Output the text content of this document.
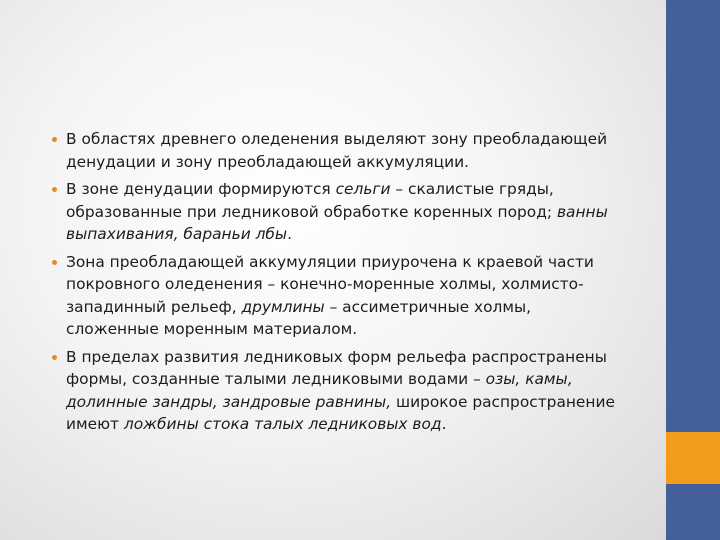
В областях древнего оледенения выделяют зону преобладающей денудации и зону преобладающей аккумуляции.
В зоне денудации формируются сельги – скалистые гряды, образованные при ледниковой обработке коренных пород; ванны выпахивания, бараньи лбы.
Зона преобладающей аккумуляции приурочена к краевой части покровного оледенения – конечно-моренные холмы, холмисто-западинный рельеф, друмлины – ассиметричные холмы, сложенные моренным материалом.
В пределах развития ледниковых форм рельефа распространены формы, созданные талыми ледниковыми водами – озы, камы, долинные зандры, зандровые равнины, широкое распространение имеют ложбины стока талых ледниковых вод.
